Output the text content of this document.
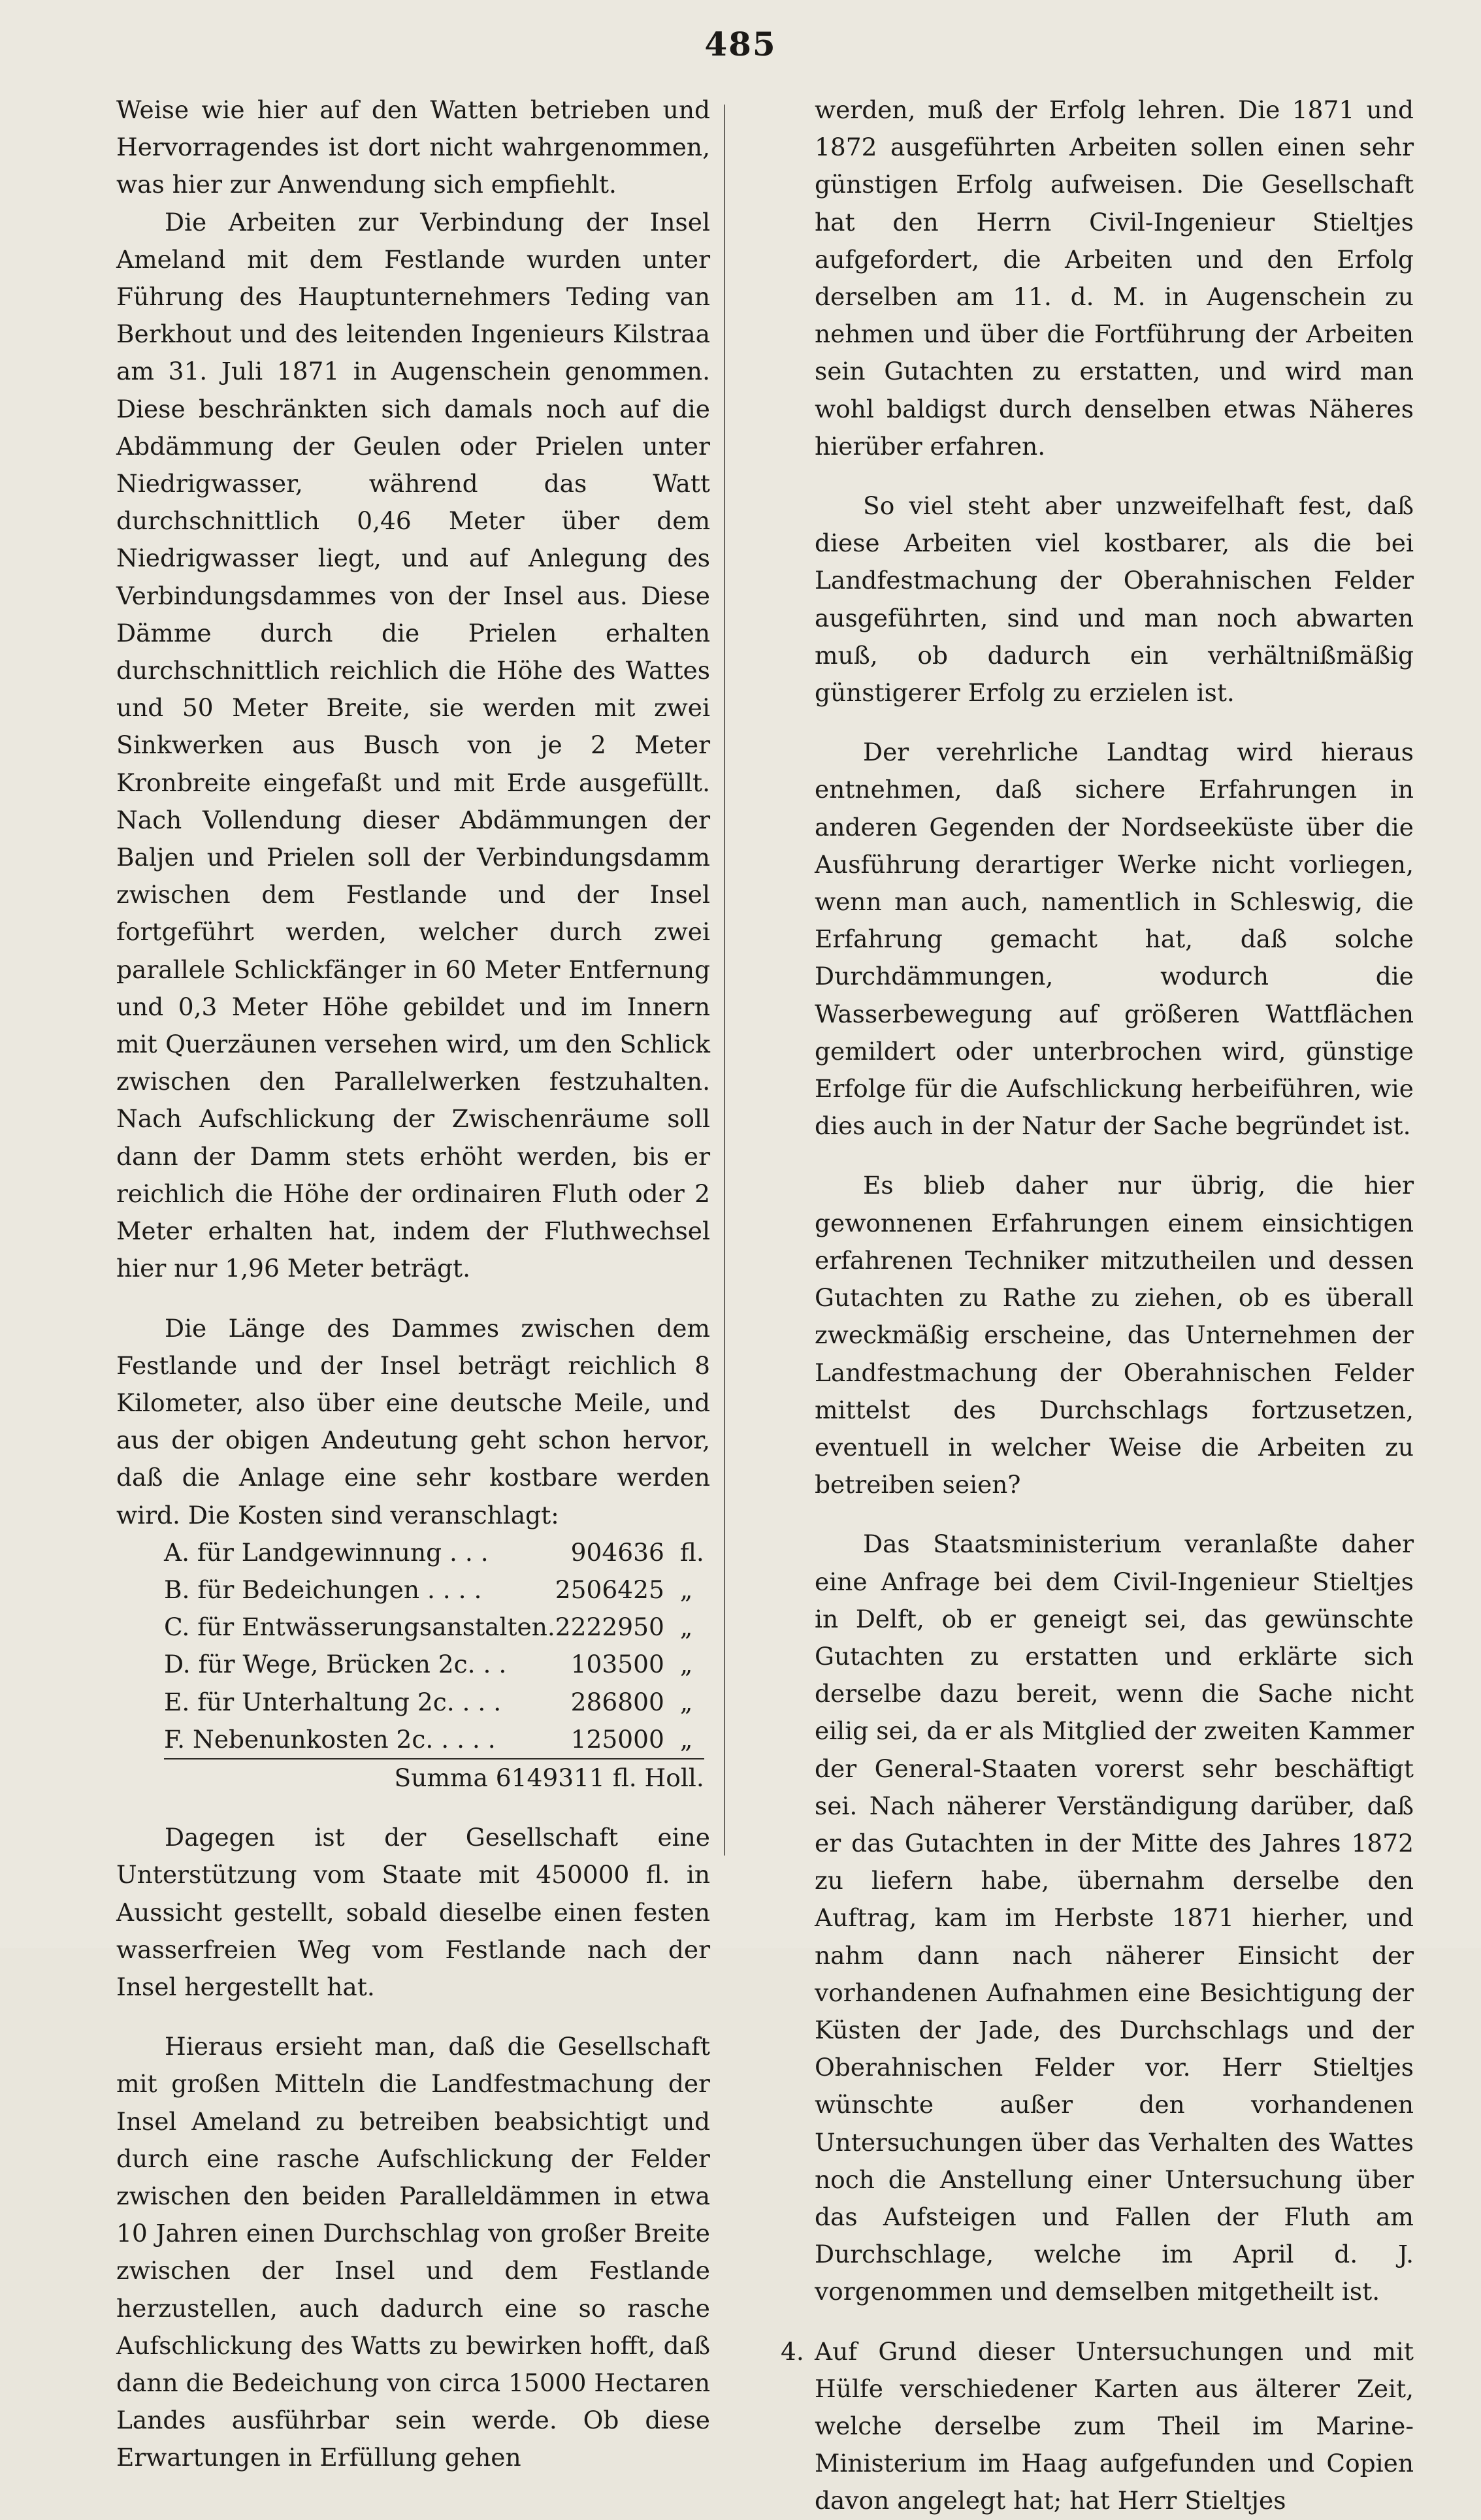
485

Weise wie hier auf den Watten betrieben und Hervorragendes ist dort nicht wahrgenommen, was hier zur Anwendung sich empfiehlt.

Die Arbeiten zur Verbindung der Insel Ameland mit dem Festlande wurden unter Führung des Hauptunternehmers Teding van Berkhout und des leitenden Ingenieurs Kilstraa am 31. Juli 1871 in Augenschein genommen. Diese beschränkten sich damals noch auf die Abdämmung der Geulen oder Prielen unter Niedrigwasser, während das Watt durchschnittlich 0,46 Meter über dem Niedrigwasser liegt, und auf Anlegung des Verbindungsdammes von der Insel aus. Diese Dämme durch die Prielen erhalten durchschnittlich reichlich die Höhe des Wattes und 50 Meter Breite, sie werden mit zwei Sinkwerken aus Busch von je 2 Meter Kronbreite eingefaßt und mit Erde ausgefüllt. Nach Vollendung dieser Abdämmungen der Baljen und Prielen soll der Verbindungsdamm zwischen dem Festlande und der Insel fortgeführt werden, welcher durch zwei parallele Schlickfänger in 60 Meter Entfernung und 0,3 Meter Höhe gebildet und im Innern mit Querzäunen versehen wird, um den Schlick zwischen den Parallelwerken festzuhalten. Nach Aufschlickung der Zwischenräume soll dann der Damm stets erhöht werden, bis er reichlich die Höhe der ordinairen Fluth oder 2 Meter erhalten hat, indem der Fluthwechsel hier nur 1,96 Meter beträgt.

Die Länge des Dammes zwischen dem Festlande und der Insel beträgt reichlich 8 Kilometer, also über eine deutsche Meile, und aus der obigen Andeutung geht schon hervor, daß die Anlage eine sehr kostbare werden wird. Die Kosten sind veranschlagt:

A. für Landgewinnung . . .	904636	fl.
B. für Bedeichungen . . . .	2506425	„
C. für Entwässerungsanstalten.	2222950	„
D. für Wege, Brücken 2c. . .	103500	„
E. für Unterhaltung 2c. . . .	286800	„
F. Nebenunkosten 2c. . . . .	125000	„
Summa 6149311 fl. Holl.		

Dagegen ist der Gesellschaft eine Unterstützung vom Staate mit 450000 fl. in Aussicht gestellt, sobald dieselbe einen festen wasserfreien Weg vom Festlande nach der Insel hergestellt hat.

Hieraus ersieht man, daß die Gesellschaft mit großen Mitteln die Landfestmachung der Insel Ameland zu betreiben beabsichtigt und durch eine rasche Aufschlickung der Felder zwischen den beiden Paralleldämmen in etwa 10 Jahren einen Durchschlag von großer Breite zwischen der Insel und dem Festlande herzustellen, auch dadurch eine so rasche Aufschlickung des Watts zu bewirken hofft, daß dann die Bedeichung von circa 15000 Hectaren Landes ausführbar sein werde. Ob diese Erwartungen in Erfüllung gehen

werden, muß der Erfolg lehren. Die 1871 und 1872 ausgeführten Arbeiten sollen einen sehr günstigen Erfolg aufweisen. Die Gesellschaft hat den Herrn Civil-Ingenieur Stieltjes aufgefordert, die Arbeiten und den Erfolg derselben am 11. d. M. in Augenschein zu nehmen und über die Fortführung der Arbeiten sein Gutachten zu erstatten, und wird man wohl baldigst durch denselben etwas Näheres hierüber erfahren.

So viel steht aber unzweifelhaft fest, daß diese Arbeiten viel kostbarer, als die bei Landfestmachung der Oberahnischen Felder ausgeführten, sind und man noch abwarten muß, ob dadurch ein verhältnißmäßig günstigerer Erfolg zu erzielen ist.

Der verehrliche Landtag wird hieraus entnehmen, daß sichere Erfahrungen in anderen Gegenden der Nordseeküste über die Ausführung derartiger Werke nicht vorliegen, wenn man auch, namentlich in Schleswig, die Erfahrung gemacht hat, daß solche Durchdämmungen, wodurch die Wasserbewegung auf größeren Wattflächen gemildert oder unterbrochen wird, günstige Erfolge für die Aufschlickung herbeiführen, wie dies auch in der Natur der Sache begründet ist.

Es blieb daher nur übrig, die hier gewonnenen Erfahrungen einem einsichtigen erfahrenen Techniker mitzutheilen und dessen Gutachten zu Rathe zu ziehen, ob es überall zweckmäßig erscheine, das Unternehmen der Landfestmachung der Oberahnischen Felder mittelst des Durchschlags fortzusetzen, eventuell in welcher Weise die Arbeiten zu betreiben seien?

Das Staatsministerium veranlaßte daher eine Anfrage bei dem Civil-Ingenieur Stieltjes in Delft, ob er geneigt sei, das gewünschte Gutachten zu erstatten und erklärte sich derselbe dazu bereit, wenn die Sache nicht eilig sei, da er als Mitglied der zweiten Kammer der General-Staaten vorerst sehr beschäftigt sei. Nach näherer Verständigung darüber, daß er das Gutachten in der Mitte des Jahres 1872 zu liefern habe, übernahm derselbe den Auftrag, kam im Herbste 1871 hierher, und nahm dann nach näherer Einsicht der vorhandenen Aufnahmen eine Besichtigung der Küsten der Jade, des Durchschlags und der Oberahnischen Felder vor. Herr Stieltjes wünschte außer den vorhandenen Untersuchungen über das Verhalten des Wattes noch die Anstellung einer Untersuchung über das Aufsteigen und Fallen der Fluth am Durchschlage, welche im April d. J. vorgenommen und demselben mitgetheilt ist.

4. Auf Grund dieser Untersuchungen und mit Hülfe verschiedener Karten aus älterer Zeit, welche derselbe zum Theil im Marine-Ministerium im Haag aufgefunden und Copien davon angelegt hat; hat Herr Stieltjes
